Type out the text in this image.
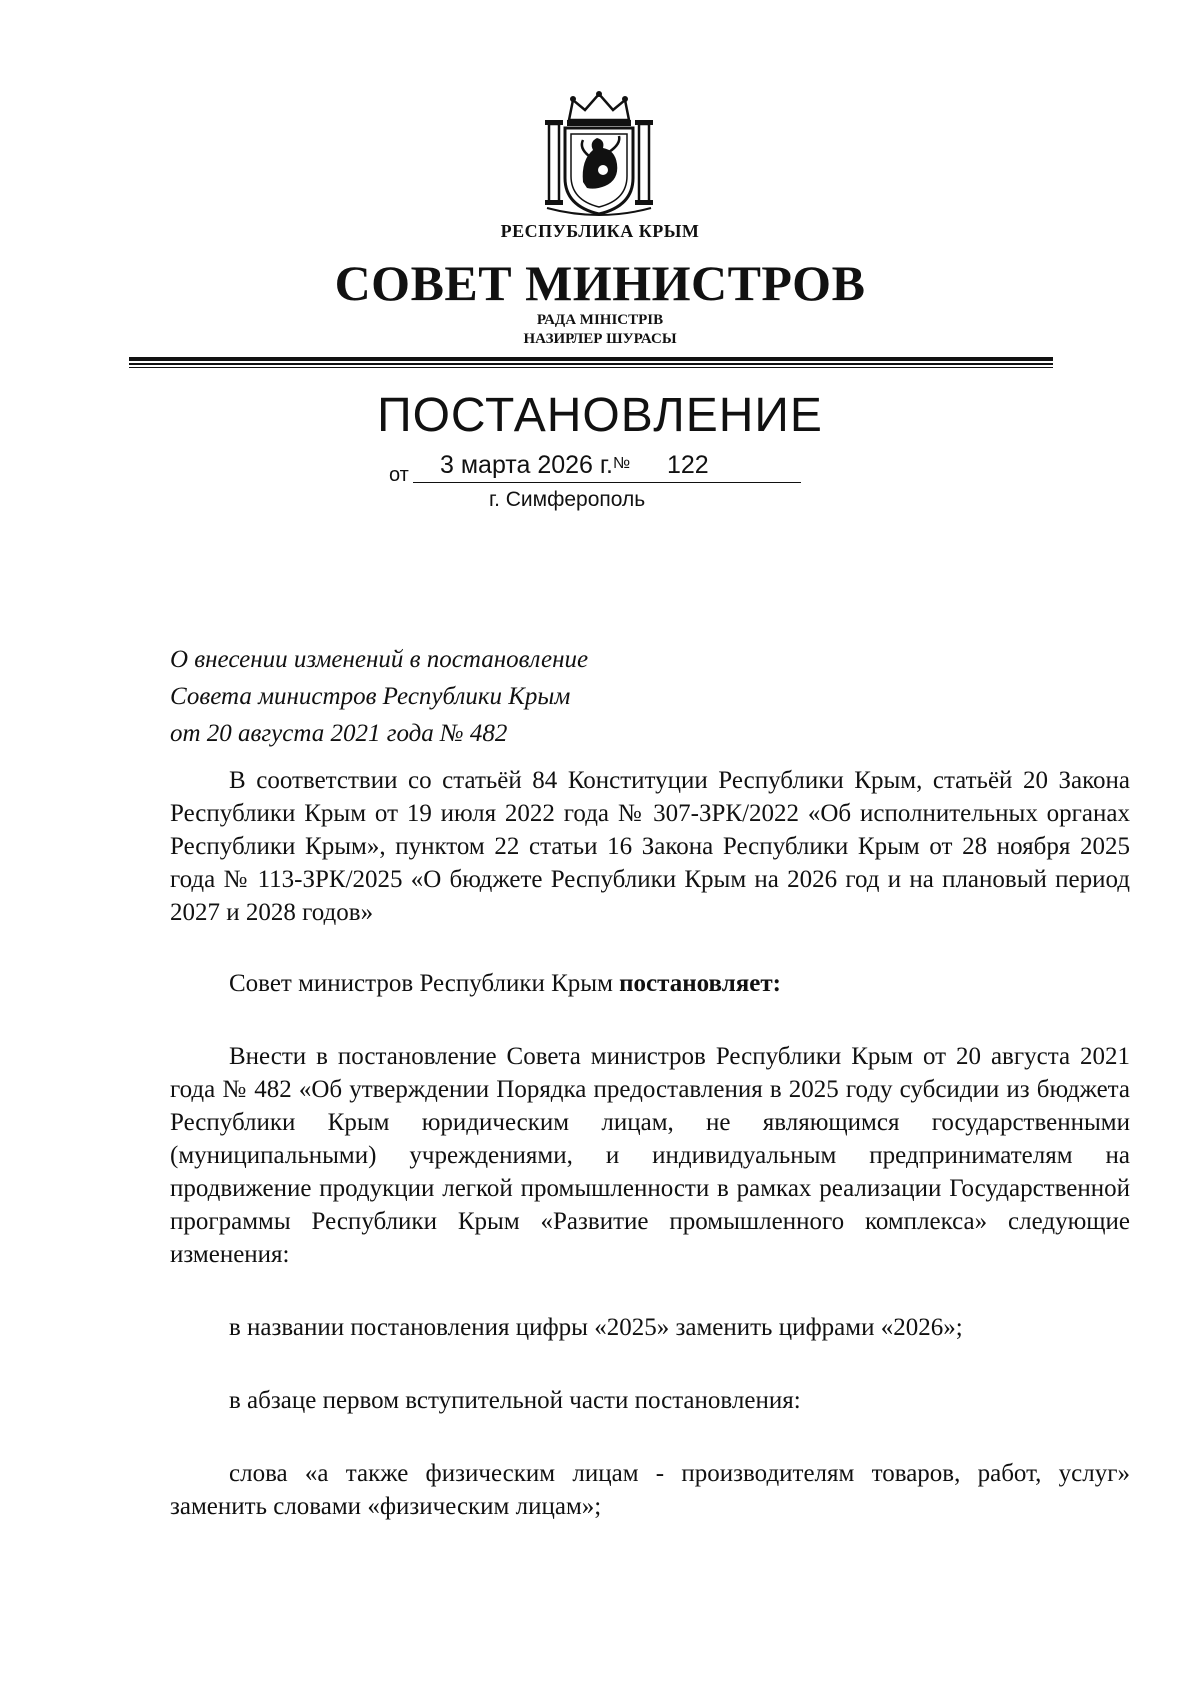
РЕСПУБЛИКА КРЫМ
СОВЕТ МИНИСТРОВ
РАДА МІНІСТРІВ
НАЗИРЛЕР ШУРАСЫ
ПОСТАНОВЛЕНИЕ
от 3 марта 2026 г. № 122
г. Симферополь
О внесении изменений в постановление
Совета министров Республики Крым
от 20 августа 2021 года № 482

В соответствии со статьёй 84 Конституции Республики Крым, статьёй 20 Закона Республики Крым от 19 июля 2022 года № 307-ЗРК/2022 «Об исполнительных органах Республики Крым», пунктом 22 статьи 16 Закона Республики Крым от 28 ноября 2025 года № 113-ЗРК/2025 «О бюджете Республики Крым на 2026 год и на плановый период 2027 и 2028 годов»

Совет министров Республики Крым постановляет:

Внести в постановление Совета министров Республики Крым от 20 августа 2021 года № 482 «Об утверждении Порядка предоставления в 2025 году субсидии из бюджета Республики Крым юридическим лицам, не являющимся государственными (муниципальными) учреждениями, и индивидуальным предпринимателям на продвижение продукции легкой промышленности в рамках реализации Государственной программы Республики Крым «Развитие промышленного комплекса» следующие изменения:

в названии постановления цифры «2025» заменить цифрами «2026»;

в абзаце первом вступительной части постановления:

слова «а также физическим лицам - производителям товаров, работ, услуг» заменить словами «физическим лицам»;
